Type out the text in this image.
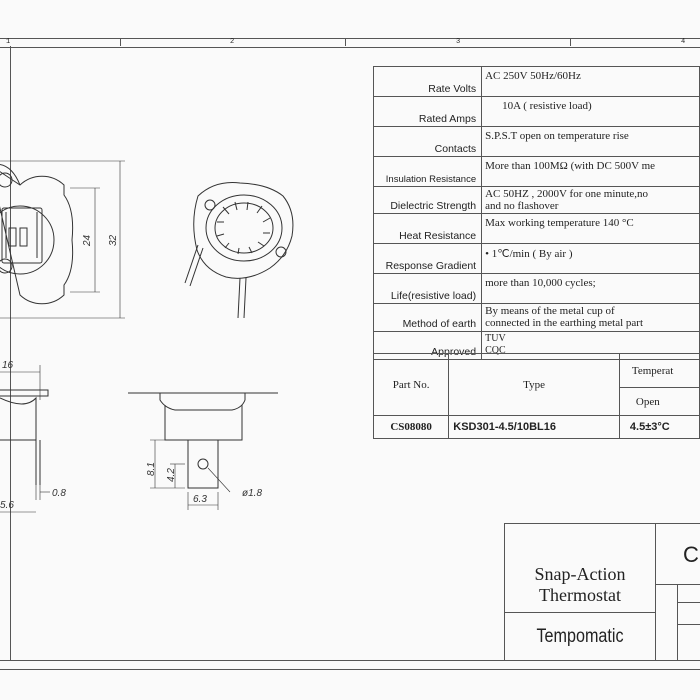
1	2	3	4
24 32
16
0.8
5.6
8.1 4.2
6.3
ø1.8
Rate Volts	AC 250V 50Hz/60Hz
Rated Amps	10A ( resistive load)
Contacts	S.P.S.T open on temperature rise
Insulation Resistance	More than 100MΩ (with DC 500V me
Dielectric Strength	AC 50HZ , 2000V for one minute,no
and no flashover

Heat Resistance	Max working temperature 140 °C
Response Gradient	• 1℃/min ( By air )
Life(resistive load)	more than 10,000 cycles;
Method of earth	By means of the metal cup of
connected in the earthing metal part

Approved	TUV
CQC
Part No.	Type	Temperat
		Open
CS08080	KSD301-4.5/10BL16	4.5±3°C
Snap-Action
Thermostat
Tempomatic
C
